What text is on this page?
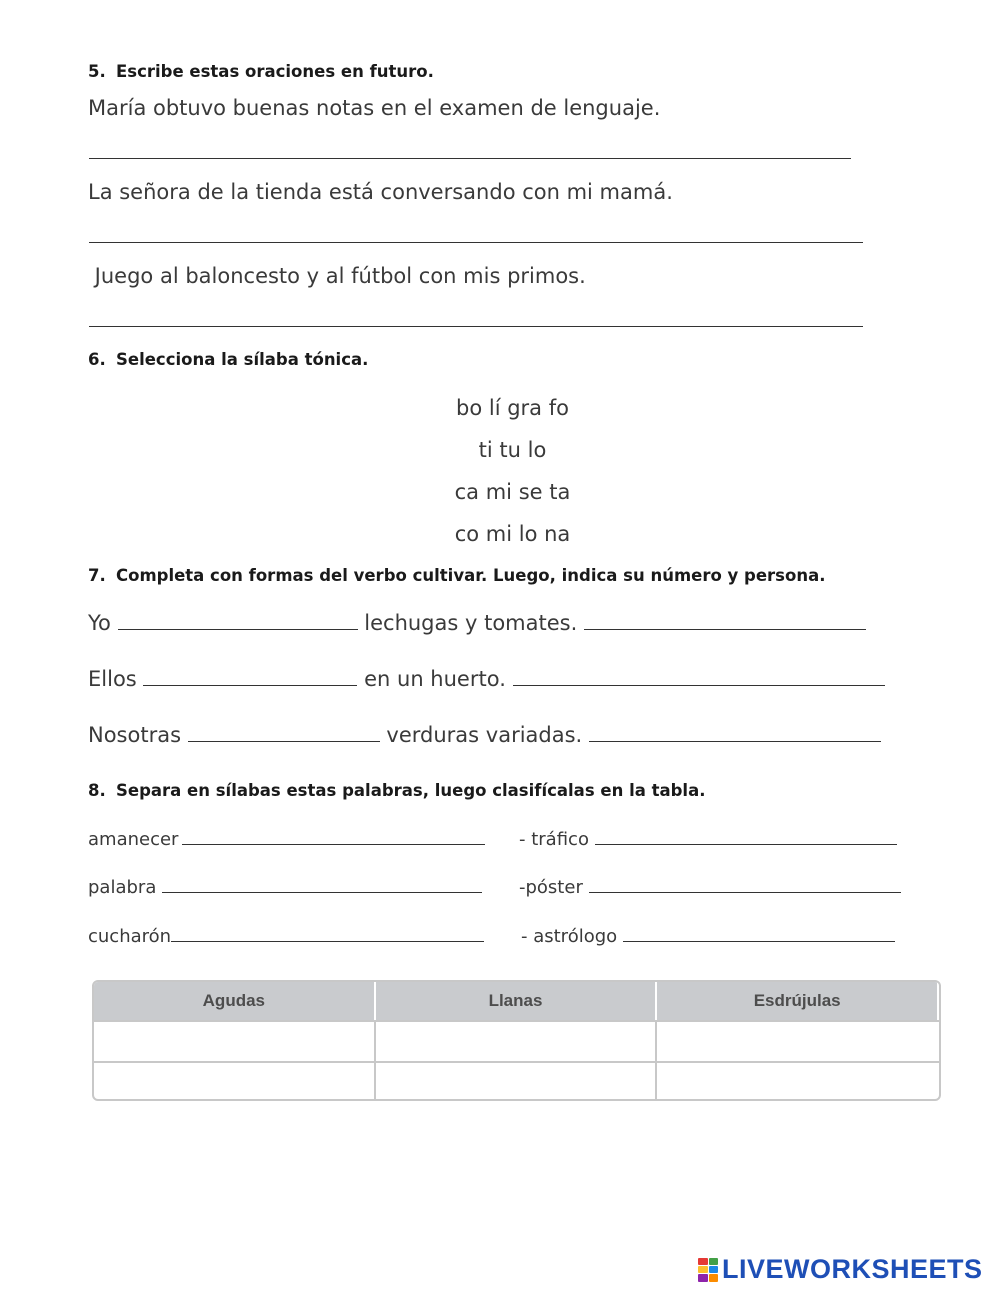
5. Escribe estas oraciones en futuro.
María obtuvo buenas notas en el examen de lenguaje.
La señora de la tienda está conversando con mi mamá.
Juego al baloncesto y al fútbol con mis primos.
6. Selecciona la sílaba tónica.
bo lí gra fo
ti tu lo
ca mi se ta
co mi lo na
7. Completa con formas del verbo cultivar. Luego, indica su número y persona.
Yo	lechugas y tomates.
Ellos	en un huerto.
Nosotras	verduras variadas.
8. Separa en sílabas estas palabras, luego clasifícalas en la tabla.
amanecer	- tráfico
palabra	-póster
cucharón	- astrólogo
Agudas	Llanas	Esdrújulas
LIVEWORKSHEETS
